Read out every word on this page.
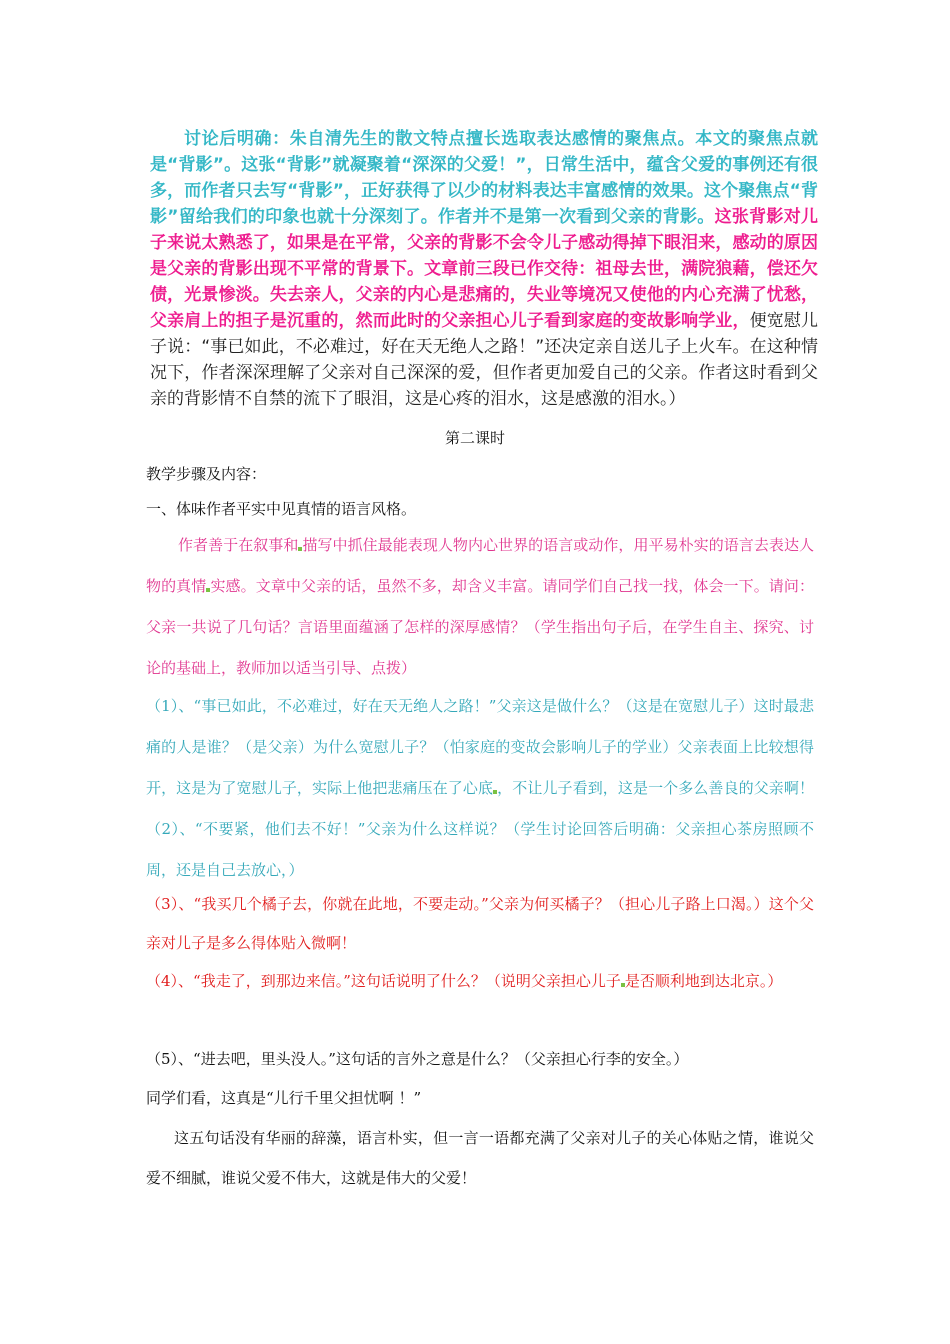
讨论后明确：朱自清先生的散文特点擅长选取表达感情的聚焦点。本文的聚焦点就是“背影”。这张“背影”就凝聚着“深深的父爱！”，日常生活中，蕴含父爱的事例还有很多，而作者只去写“背影”，正好获得了以少的材料表达丰富感情的效果。这个聚焦点“背影”留给我们的印象也就十分深刻了。作者并不是第一次看到父亲的背影。这张背影对儿子来说太熟悉了，如果是在平常，父亲的背影不会令儿子感动得掉下眼泪来，感动的原因是父亲的背影出现不平常的背景下。文章前三段已作交待：祖母去世，满院狼藉，偿还欠债，光景惨淡。失去亲人，父亲的内心是悲痛的，失业等境况又使他的内心充满了忧愁，父亲肩上的担子是沉重的，然而此时的父亲担心儿子看到家庭的变故影响学业，便宽慰儿子说：“事已如此，不必难过，好在天无绝人之路！”还决定亲自送儿子上火车。在这种情况下，作者深深理解了父亲对自己深深的爱，但作者更加爱自己的父亲。作者这时看到父亲的背影情不自禁的流下了眼泪，这是心疼的泪水，这是感激的泪水。）

第二课时

教学步骤及内容：

一、体味作者平实中见真情的语言风格。

作者善于在叙事和 描写中抓住最能表现人物内心世界的语言或动作，用平易朴实的语言去表达人物的真情 实感。文章中父亲的话，虽然不多，却含义丰富。请同学们自己找一找，体会一下。请问：父亲一共说了几句话？言语里面蕴涵了怎样的深厚感情？（学生指出句子后，在学生自主、探究、讨论的基础上，教师加以适当引导、点拨）

（1）、“事已如此，不必难过，好在天无绝人之路！”父亲这是做什么？（这是在宽慰儿子）这时最悲痛的人是谁？（是父亲）为什么宽慰儿子？（怕家庭的变故会影响儿子的学业）父亲表面上比较想得开，这是为了宽慰儿子，实际上他把悲痛压在了心底 ，不让儿子看到，这是一个多么善良的父亲啊！ （2）、“不要紧，他们去不好！”父亲为什么这样说？（学生讨论回答后明确：父亲担心茶房照顾不周，还是自己去放心，）

（3）、“我买几个橘子去，你就在此地，不要走动。”父亲为何买橘子？（担心儿子路上口渴。）这个父亲对儿子是多么得体贴入微啊！

（4）、“我走了，到那边来信。”这句话说明了什么？（说明父亲担心儿子 是否顺利地到达北京。）

（5）、“进去吧，里头没人。”这句话的言外之意是什么？（父亲担心行李的安全。）

同学们看，这真是“儿行千里父担忧啊 ！”

这五句话没有华丽的辞藻，语言朴实，但一言一语都充满了父亲对儿子的关心体贴之情，谁说父爱不细腻，谁说父爱不伟大，这就是伟大的父爱！
